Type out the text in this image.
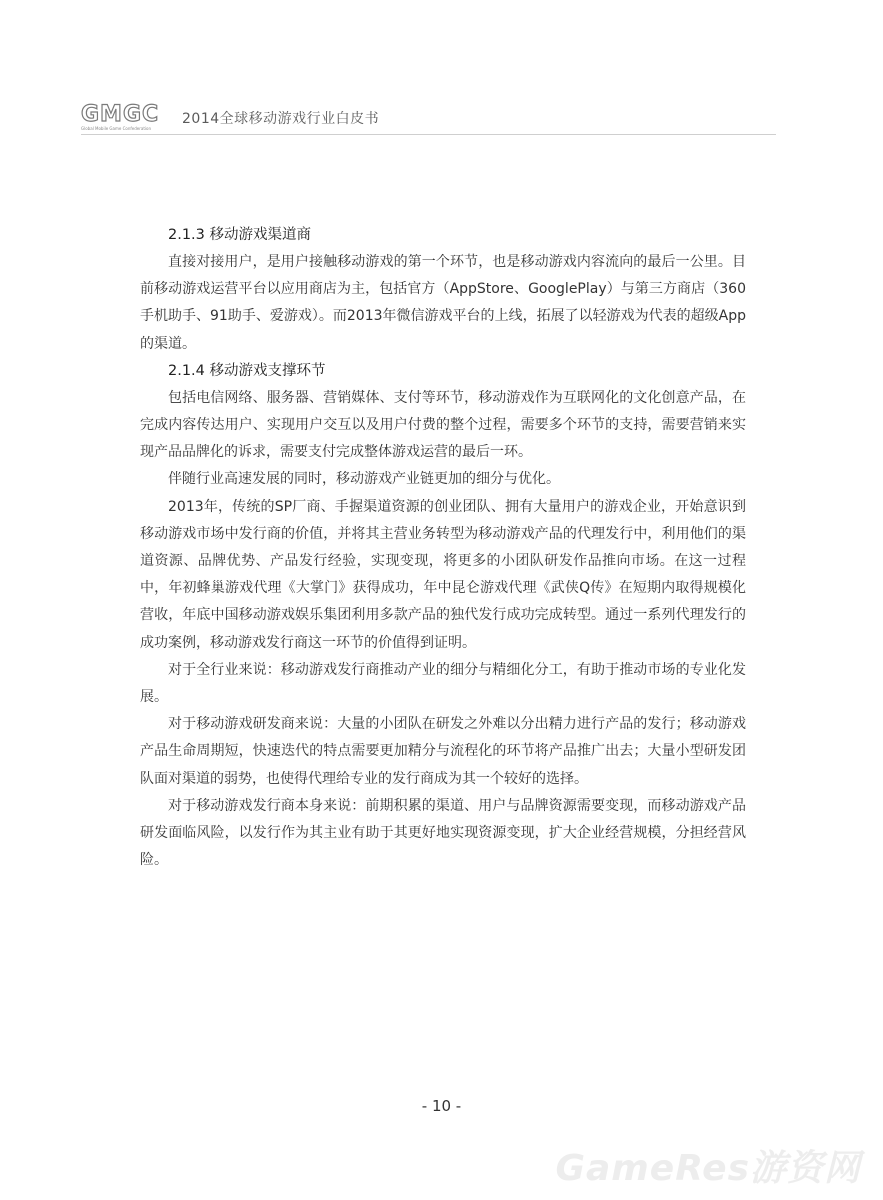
GMGC
Global Mobile Game Confederation
2014全球移动游戏行业白皮书
2.1.3 移动游戏渠道商

直接对接用户，是用户接触移动游戏的第一个环节，也是移动游戏内容流向的最后一公里。目前移动游戏运营平台以应用商店为主，包括官方（AppStore、GooglePlay）与第三方商店（360手机助手、91助手、爱游戏）。而2013年微信游戏平台的上线，拓展了以轻游戏为代表的超级App的渠道。

2.1.4 移动游戏支撑环节

包括电信网络、服务器、营销媒体、支付等环节，移动游戏作为互联网化的文化创意产品，在完成内容传达用户、实现用户交互以及用户付费的整个过程，需要多个环节的支持，需要营销来实现产品品牌化的诉求，需要支付完成整体游戏运营的最后一环。

伴随行业高速发展的同时，移动游戏产业链更加的细分与优化。

2013年，传统的SP厂商、手握渠道资源的创业团队、拥有大量用户的游戏企业，开始意识到移动游戏市场中发行商的价值，并将其主营业务转型为移动游戏产品的代理发行中，利用他们的渠道资源、品牌优势、产品发行经验，实现变现，将更多的小团队研发作品推向市场。在这一过程中，年初蜂巢游戏代理《大掌门》获得成功，年中昆仑游戏代理《武侠Q传》在短期内取得规模化营收，年底中国移动游戏娱乐集团利用多款产品的独代发行成功完成转型。通过一系列代理发行的成功案例，移动游戏发行商这一环节的价值得到证明。

对于全行业来说：移动游戏发行商推动产业的细分与精细化分工，有助于推动市场的专业化发展。

对于移动游戏研发商来说：大量的小团队在研发之外难以分出精力进行产品的发行；移动游戏产品生命周期短，快速迭代的特点需要更加精分与流程化的环节将产品推广出去；大量小型研发团队面对渠道的弱势，也使得代理给专业的发行商成为其一个较好的选择。

对于移动游戏发行商本身来说：前期积累的渠道、用户与品牌资源需要变现，而移动游戏产品研发面临风险，以发行作为其主业有助于其更好地实现资源变现，扩大企业经营规模，分担经营风险。

- 10 -
GameRes游资网
